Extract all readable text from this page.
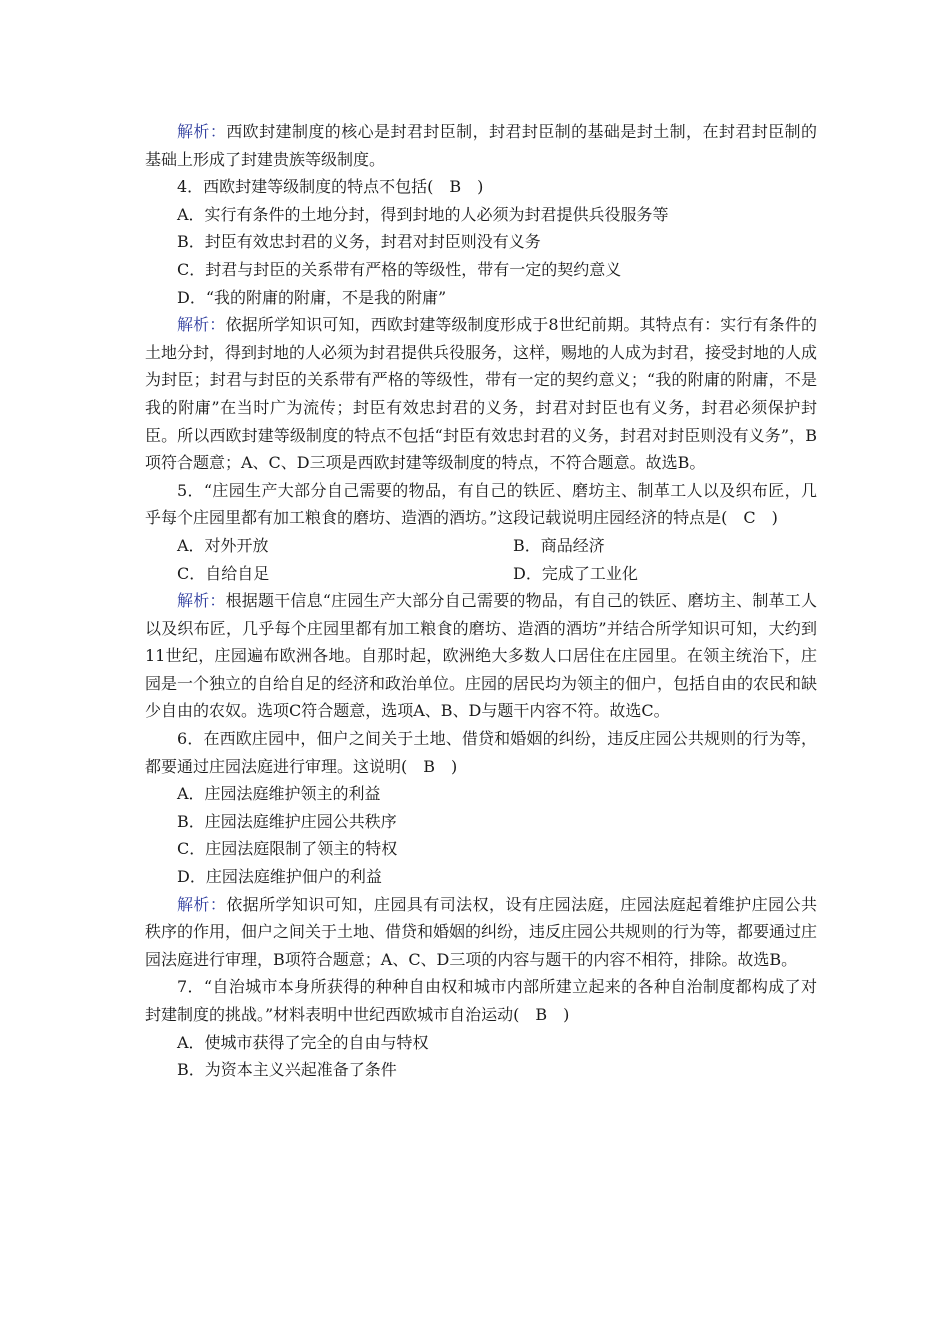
解析：西欧封建制度的核心是封君封臣制，封君封臣制的基础是封土制，在封君封臣制的基础上形成了封建贵族等级制度。

4．西欧封建等级制度的特点不包括(　B　)

A．实行有条件的土地分封，得到封地的人必须为封君提供兵役服务等

B．封臣有效忠封君的义务，封君对封臣则没有义务

C．封君与封臣的关系带有严格的等级性，带有一定的契约意义

D．“我的附庸的附庸，不是我的附庸”

解析：依据所学知识可知，西欧封建等级制度形成于8世纪前期。其特点有：实行有条件的土地分封，得到封地的人必须为封君提供兵役服务，这样，赐地的人成为封君，接受封地的人成为封臣；封君与封臣的关系带有严格的等级性，带有一定的契约意义；“我的附庸的附庸，不是我的附庸”在当时广为流传；封臣有效忠封君的义务，封君对封臣也有义务，封君必须保护封臣。所以西欧封建等级制度的特点不包括“封臣有效忠封君的义务，封君对封臣则没有义务”，B项符合题意；A、C、D三项是西欧封建等级制度的特点，不符合题意。故选B。

5．“庄园生产大部分自己需要的物品，有自己的铁匠、磨坊主、制革工人以及织布匠，几乎每个庄园里都有加工粮食的磨坊、造酒的酒坊。”这段记载说明庄园经济的特点是(　C　)

A．对外开放	B．商品经济
C．自给自足	D．完成了工业化

解析：根据题干信息“庄园生产大部分自己需要的物品，有自己的铁匠、磨坊主、制革工人以及织布匠，几乎每个庄园里都有加工粮食的磨坊、造酒的酒坊”并结合所学知识可知，大约到11世纪，庄园遍布欧洲各地。自那时起，欧洲绝大多数人口居住在庄园里。在领主统治下，庄园是一个独立的自给自足的经济和政治单位。庄园的居民均为领主的佃户，包括自由的农民和缺少自由的农奴。选项C符合题意，选项A、B、D与题干内容不符。故选C。

6．在西欧庄园中，佃户之间关于土地、借贷和婚姻的纠纷，违反庄园公共规则的行为等，都要通过庄园法庭进行审理。这说明(　B　)

A．庄园法庭维护领主的利益

B．庄园法庭维护庄园公共秩序

C．庄园法庭限制了领主的特权

D．庄园法庭维护佃户的利益

解析：依据所学知识可知，庄园具有司法权，设有庄园法庭，庄园法庭起着维护庄园公共秩序的作用，佃户之间关于土地、借贷和婚姻的纠纷，违反庄园公共规则的行为等，都要通过庄园法庭进行审理，B项符合题意；A、C、D三项的内容与题干的内容不相符，排除。故选B。

7．“自治城市本身所获得的种种自由权和城市内部所建立起来的各种自治制度都构成了对封建制度的挑战。”材料表明中世纪西欧城市自治运动(　B　)

A．使城市获得了完全的自由与特权

B．为资本主义兴起准备了条件
